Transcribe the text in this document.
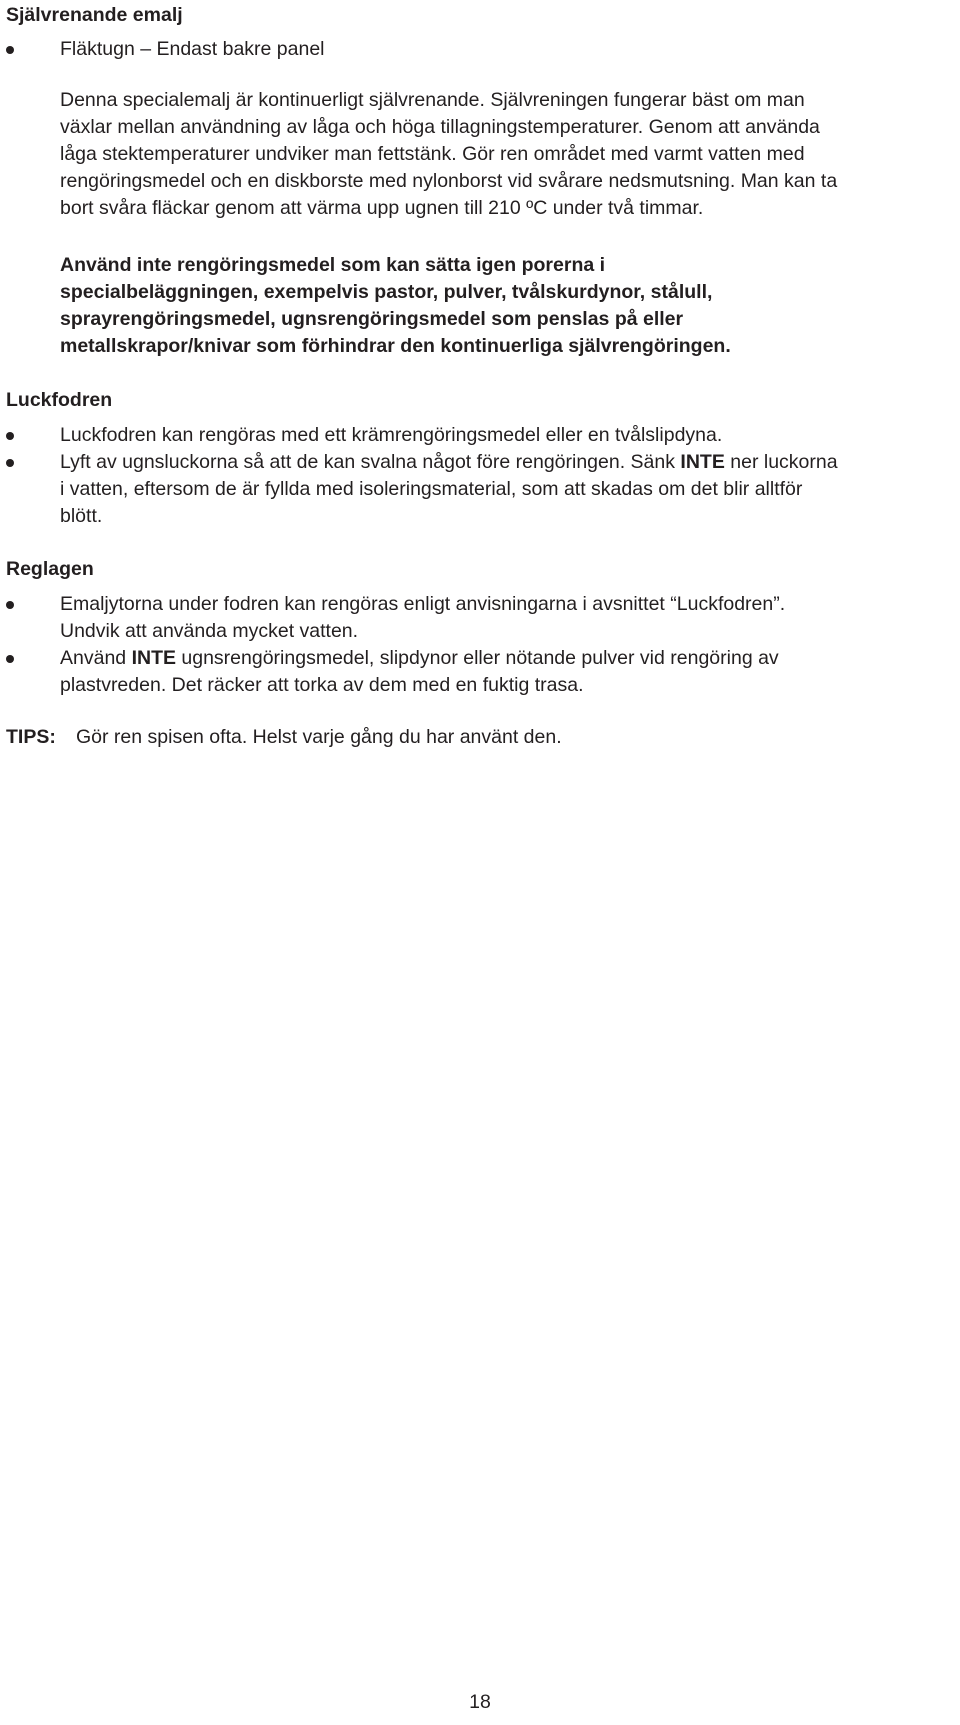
Självrenande emalj
Fläktugn – Endast bakre panel

Denna specialemalj är kontinuerligt självrenande. Självreningen fungerar bäst om man
växlar mellan användning av låga och höga tillagningstemperaturer. Genom att använda
låga stektemperaturer undviker man fettstänk. Gör ren området med varmt vatten med
rengöringsmedel och en diskborste med nylonborst vid svårare nedsmutsning. Man kan ta
bort svåra fläckar genom att värma upp ugnen till 210 ºC under två timmar.

Använd inte rengöringsmedel som kan sätta igen porerna i
specialbeläggningen, exempelvis pastor, pulver, tvålskurdynor, stålull,
sprayrengöringsmedel, ugnsrengöringsmedel som penslas på eller
metallskrapor/knivar som förhindrar den kontinuerliga självrengöringen.

Luckfodren
Luckfodren kan rengöras med ett krämrengöringsmedel eller en tvålslipdyna.
Lyft av ugnsluckorna så att de kan svalna något före rengöringen. Sänk INTE ner luckorna
i vatten, eftersom de är fyllda med isoleringsmaterial, som att skadas om det blir alltför
blött.
Reglagen
Emaljytorna under fodren kan rengöras enligt anvisningarna i avsnittet “Luckfodren”.
Undvik att använda mycket vatten.
Använd INTE ugnsrengöringsmedel, slipdynor eller nötande pulver vid rengöring av
plastvreden. Det räcker att torka av dem med en fuktig trasa.
TIPS: Gör ren spisen ofta. Helst varje gång du har använt den.
18
